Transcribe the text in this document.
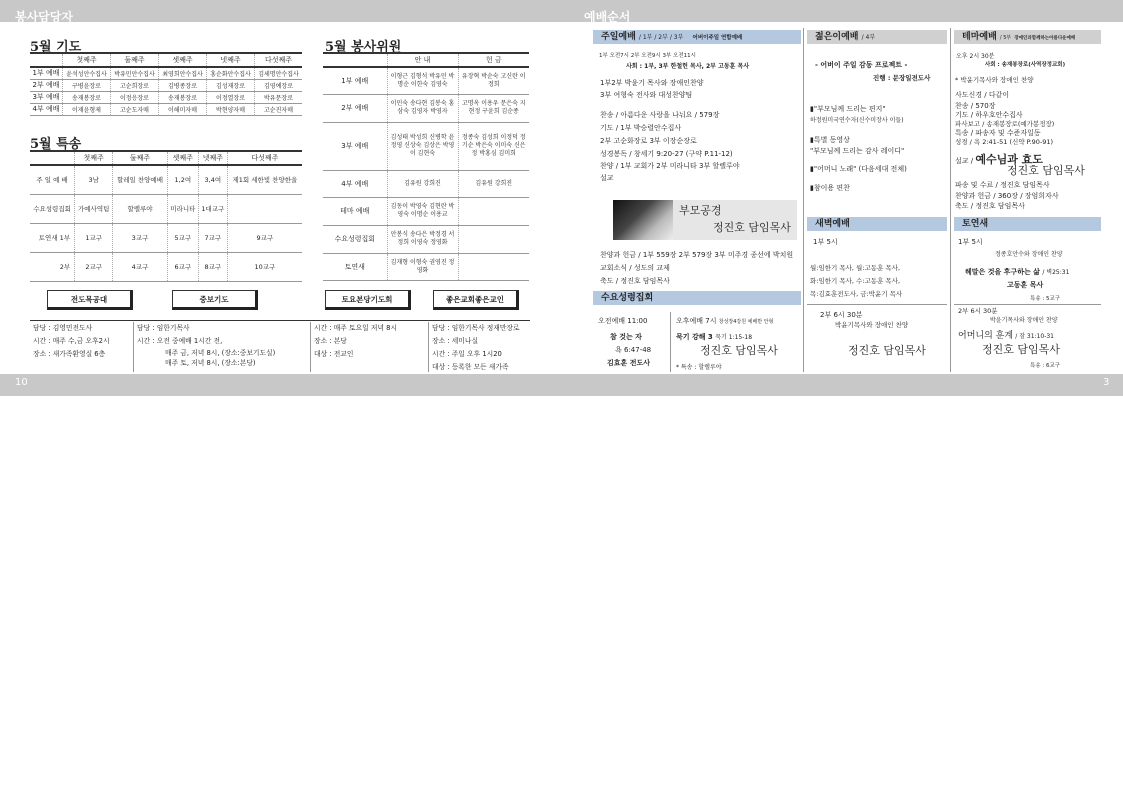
봉사담당자	예배순서
10	3
5월 기도
	첫째주	둘째주	셋째주	넷째주	다섯째주
1부 예배	윤석성안수집사	박유민안수집사	최영희안수집사	홍순화안수집사	김세명안수집사
2부 예배	구병윤장로	고순희장로	김병종장로	김성재장로	김영예장로
3부 예배	송재봉장로	이정응장로	송재봉장로	이정열장로	박유문장로
4부 예배	이재윤형제	고순도자매	이해미자매	박현양자매	고순진자매
5월 특송
	첫째주	둘째주	셋째주	넷째주	다섯째주
주 일 예 배	3남	할레일 찬양예배	1,2여	3,4여	제1회 세한빛 찬양한울
수요성령집회	가예사역팀	할렐루야	미라니타	1대교구	
토연새 1부	1교구	3교구	5교구	7교구	9교구
2부	2교구	4교구	6교구	8교구	10교구
5월 봉사위원
	안 내	헌 금
1부 예배	이형근 김형석 박유민 박명순 이한숙 김영숙	유장혁 박순숙 고신란 이정희
2부 예배	이민숙 송다현 김봉숙 홍삼숙 김영자 박영자	고명옥 이용우 문은숙 지현정 구윤희 김순종
3부 예배	김성태 박성희 신병학 윤정영 신상숙 김상은 박영이 김현숙	정종숙 김성희 이정덕 정기순 박은숙 이미숙 신은정 박홍심 김미희
4부 예배	김유원 강희진	김유원 강희진
테마 예배	김동이 박영숙 김현란 박영숙 이명순 이용교	
수요성령집회	안봉식 송다은 박정경 서정희 이영숙 정영화	
토연새	김재형 이형숙 권영진 정영화	
전도목공대	중보기도	토요본당기도회	좋은교회좋은교인
담당 : 김영민전도사
시간 : 매주 수,금 오후2시
장소 : 새가족환영실 6층
담당 : 임한기목사
시간 : 오전 중예배 1시간 전,
매주 금, 저녁 8시, (장소:중보기도실)
매주 토, 저녁 8시, (장소:본당)
시간 : 매주 토요일 저녁 8시
장소 : 본당
대상 : 전교인
담당 : 임한기목사 정재만장로
장소 : 세미나실
시간 : 주일 오후 1시20
대상 : 등록한 모든 새가족
주일예배 / 1부 / 2부 / 3부 어버이주일 연합예배
1부 오전7시 2부 오전9시 3부 오전11시
사회 : 1부, 3부 한철헌 목사, 2부 고동훈 목사
1부2부 박윤기 목사와 장애인찬양
3부 여형숙 전사와 대성찬양팀
찬송 / 아름다운 사랑을 나눠요 / 579장
기도 / 1부 박승렬안수집사
2부 고순화장로 3부 이장순장로
성경봉독 / 창세기 9:20-27 (구약 P.11-12)
찬양 / 1부 교회가 2부 미라니타 3부 할렐루야
설교
부모공경
정진호 담임목사
찬양과 헌금 / 1부 559장 2부 579장 3부 미주경 종선에 박치원
교회소식 / 성도의 교제
축도 / 정진호 담임목사
수요성령집회
오전예배 11:00
참 것는 자
욕 6:47-48
김효훈 전도사
오후예배 7시 창성장4강원 예배반 안형
묵기 강해 3 묵기 1:15-18
정진호 담임목사
* 특송 : 할렐루야
젊은이예배 / 4부
- 어버이 주일 감동 프로젝트 -
진행 : 문장일전도사
▮"부모님께 드리는 편지"
하정원미국연수자(신수미장사 이들)
▮특별 동영상
"부모님께 드리는 감사 레이디"
▮"어머니 노래" (다음세대 전체)
▮참이용 편찬
테마예배 / 5부 장애인과함께하는아름다운예배
오후 2시 30분
사회 : 송재봉장로(사역장정교회)
* 박윤기목사와 장애인 찬양
사도신경 / 다같이
찬송 / 570장
기도 / 하우호안수집사
파사보고 / 송재봉장로(예가봉정장)
특송 / 파송자 및 수준자일동
성경 / 욕 2:41-51 (신약 P.90-91)
설교 / 예수님과 효도
정진호 담임목사
파송 및 수료 / 정진호 담임목사
찬양과 헌금 / 360장 / 장엄희자사
축도 / 정진호 담임목사
새벽예배
1부 5시
월:임한기 목사, 월:고동훈 목사,
화:임한기 목사, 수:고동훈 목사,
목:김효훈전도사, 금:박윤기 목사
2부 6시 30분
박윤기목사와 장애인 찬양
정진호 담임목사
토연새
1부 5시
정종호안수와 장애인 찬양
헤말은 것을 후구하는 삶 / 벽25:31
고동훈 목사
특송 : 5교구
2부 6시 30분
박윤기목사와 장애인 찬양
어머니의 훈계 / 잠 31:10-31
정진호 담임목사
특송 : 6교구
